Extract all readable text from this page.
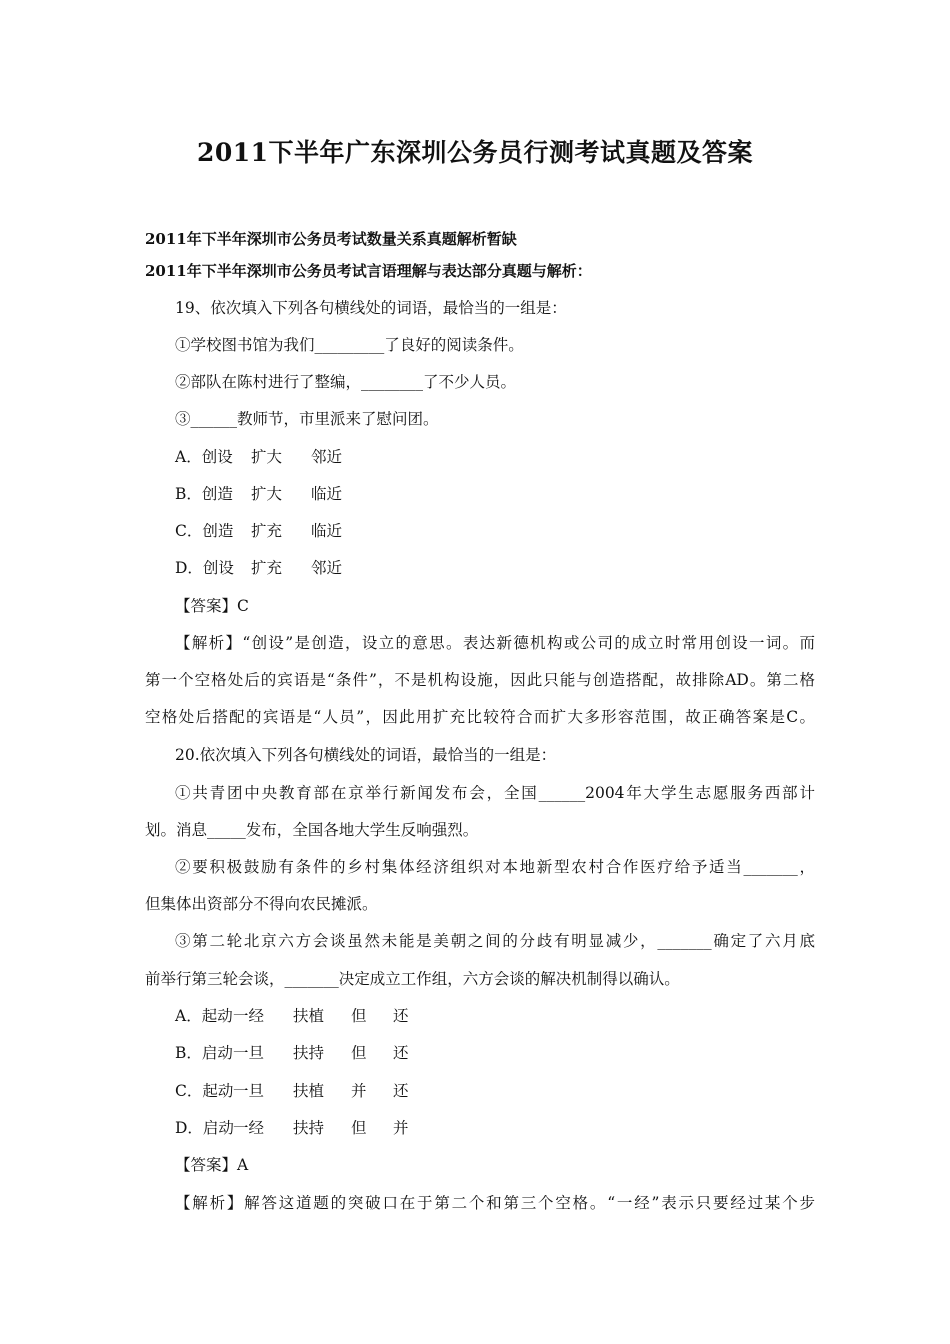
2011下半年广东深圳公务员行测考试真题及答案
2011年下半年深圳市公务员考试数量关系真题解析暂缺
2011年下半年深圳市公务员考试言语理解与表达部分真题与解析：
19、依次填入下列各句横线处的词语，最恰当的一组是：
①学校图书馆为我们_________了良好的阅读条件。
②部队在陈村进行了整编，________了不少人员。
③______教师节，市里派来了慰问团。
A．创设 扩大 邻近
B．创造 扩大 临近
C．创造 扩充 临近
D．创设 扩充 邻近
【答案】C
【解析】“创设”是创造，设立的意思。表达新德机构或公司的成立时常用创设一词。而
第一个空格处后的宾语是“条件”，不是机构设施，因此只能与创造搭配，故排除AD。第二格
空格处后搭配的宾语是“人员”，因此用扩充比较符合而扩大多形容范围，故正确答案是C。
20.依次填入下列各句横线处的词语，最恰当的一组是：
①共青团中央教育部在京举行新闻发布会，全国______2004年大学生志愿服务西部计
划。消息_____发布，全国各地大学生反响强烈。
②要积极鼓励有条件的乡村集体经济组织对本地新型农村合作医疗给予适当_______，
但集体出资部分不得向农民摊派。
③第二轮北京六方会谈虽然未能是美朝之间的分歧有明显减少，_______确定了六月底
前举行第三轮会谈，_______决定成立工作组，六方会谈的解决机制得以确认。
A．起动一经 扶植 但 还
B．启动一旦 扶持 但 还
C．起动一旦 扶植 并 还
D．启动一经 扶持 但 并
【答案】A
【解析】解答这道题的突破口在于第二个和第三个空格。“一经”表示只要经过某个步
